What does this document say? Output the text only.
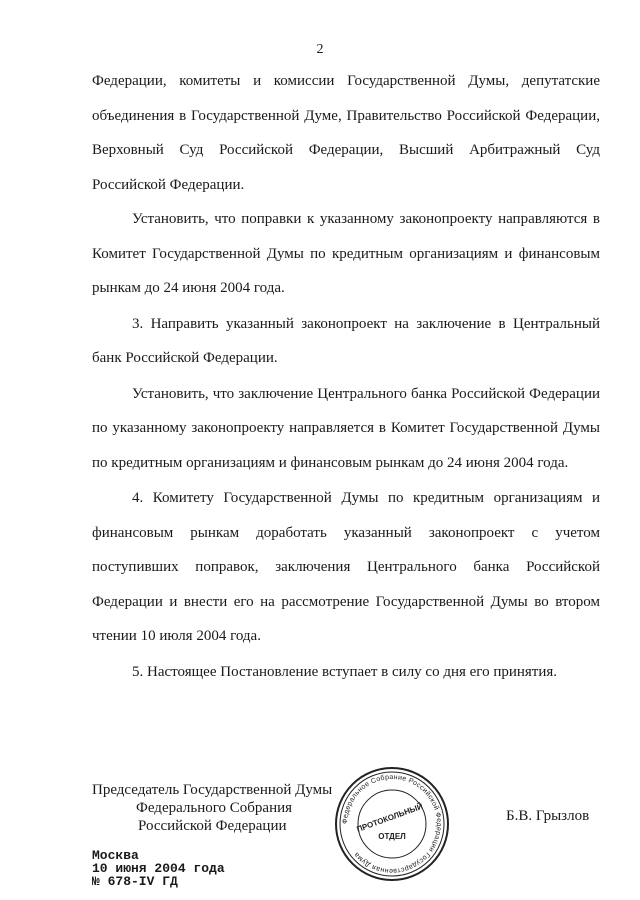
2

Федерации, комитеты и комиссии Государственной Думы, депутатские объединения в Государственной Думе, Правительство Российской Федерации, Верховный Суд Российской Федерации, Высший Арбитражный Суд Российской Федерации.

Установить, что поправки к указанному законопроекту направляются в Комитет Государственной Думы по кредитным организациям и финансовым рынкам до 24 июня 2004 года.

3. Направить указанный законопроект на заключение в Центральный банк Российской Федерации.

Установить, что заключение Центрального банка Российской Федерации по указанному законопроекту направляется в Комитет Государственной Думы по кредитным организациям и финансовым рынкам до 24 июня 2004 года.

4. Комитету Государственной Думы по кредитным организациям и финансовым рынкам доработать указанный законопроект с учетом поступивших поправок, заключения Центрального банка Российской Федерации и внести его на рассмотрение Государственной Думы во втором чтении 10 июля 2004 года.

5. Настоящее Постановление вступает в силу со дня его принятия.

Председатель Государственной Думы
Федерального Собрания
Российской Федерации
Б.В. Грызлов
Федеральное Собрание Российской Федерации Государственная Дума
ПРОТОКОЛЬНЫЙ
ОТДЕЛ
Москва
10 июня 2004 года
№ 678-IV ГД
